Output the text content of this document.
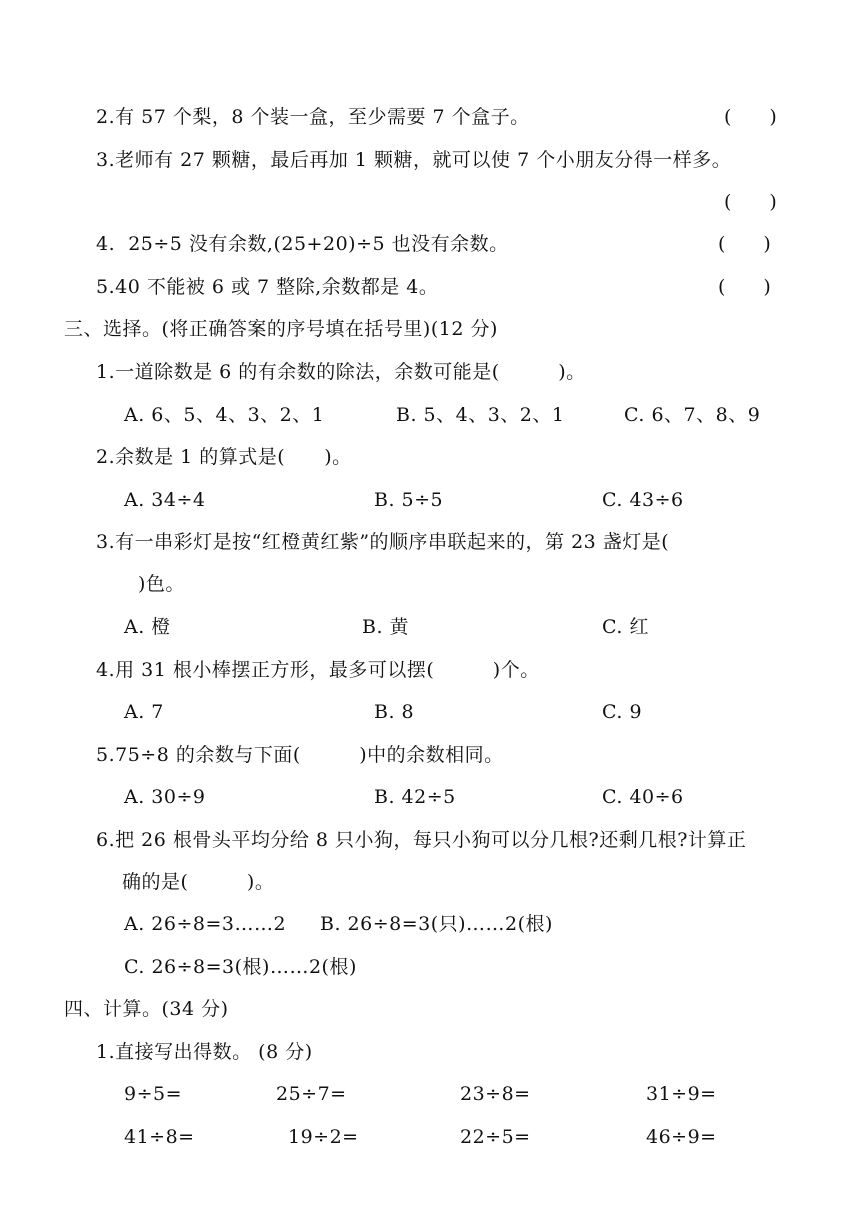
2.有 57 个梨，8 个装一盒，至少需要 7 个盒子。	(　　)
3.老师有 27 颗糖，最后再加 1 颗糖，就可以使 7 个小朋友分得一样多。
(　　)
4.  25÷5 没有余数,(25+20)÷5 也没有余数。	(　　)
5.40 不能被 6 或 7 整除,余数都是 4。	(　　)
三、选择。(将正确答案的序号填在括号里)(12 分)
1.一道除数是 6 的有余数的除法，余数可能是(　　　)。
A. 6、5、4、3、2、1	B. 5、4、3、2、1	C. 6、7、8、9
2.余数是 1 的算式是(　　)。
A. 34÷4	B. 5÷5	C. 43÷6
3.有一串彩灯是按“红橙黄红紫”的顺序串联起来的，第 23 盏灯是(
)色。
A. 橙	B. 黄	C. 红
4.用 31 根小棒摆正方形，最多可以摆(　　　)个。
A. 7	B. 8	C. 9
5.75÷8 的余数与下面(　　　)中的余数相同。
A. 30÷9	B. 42÷5	C. 40÷6
6.把 26 根骨头平均分给 8 只小狗，每只小狗可以分几根?还剩几根?计算正
确的是(　　　)。
A. 26÷8=3……2 B. 26÷8=3(只)……2(根)
C. 26÷8=3(根)……2(根)
四、计算。(34 分)
1.直接写出得数。 (8 分)
9÷5=	25÷7=	23÷8=	31÷9=
41÷8=	19÷2=	22÷5=	46÷9=
